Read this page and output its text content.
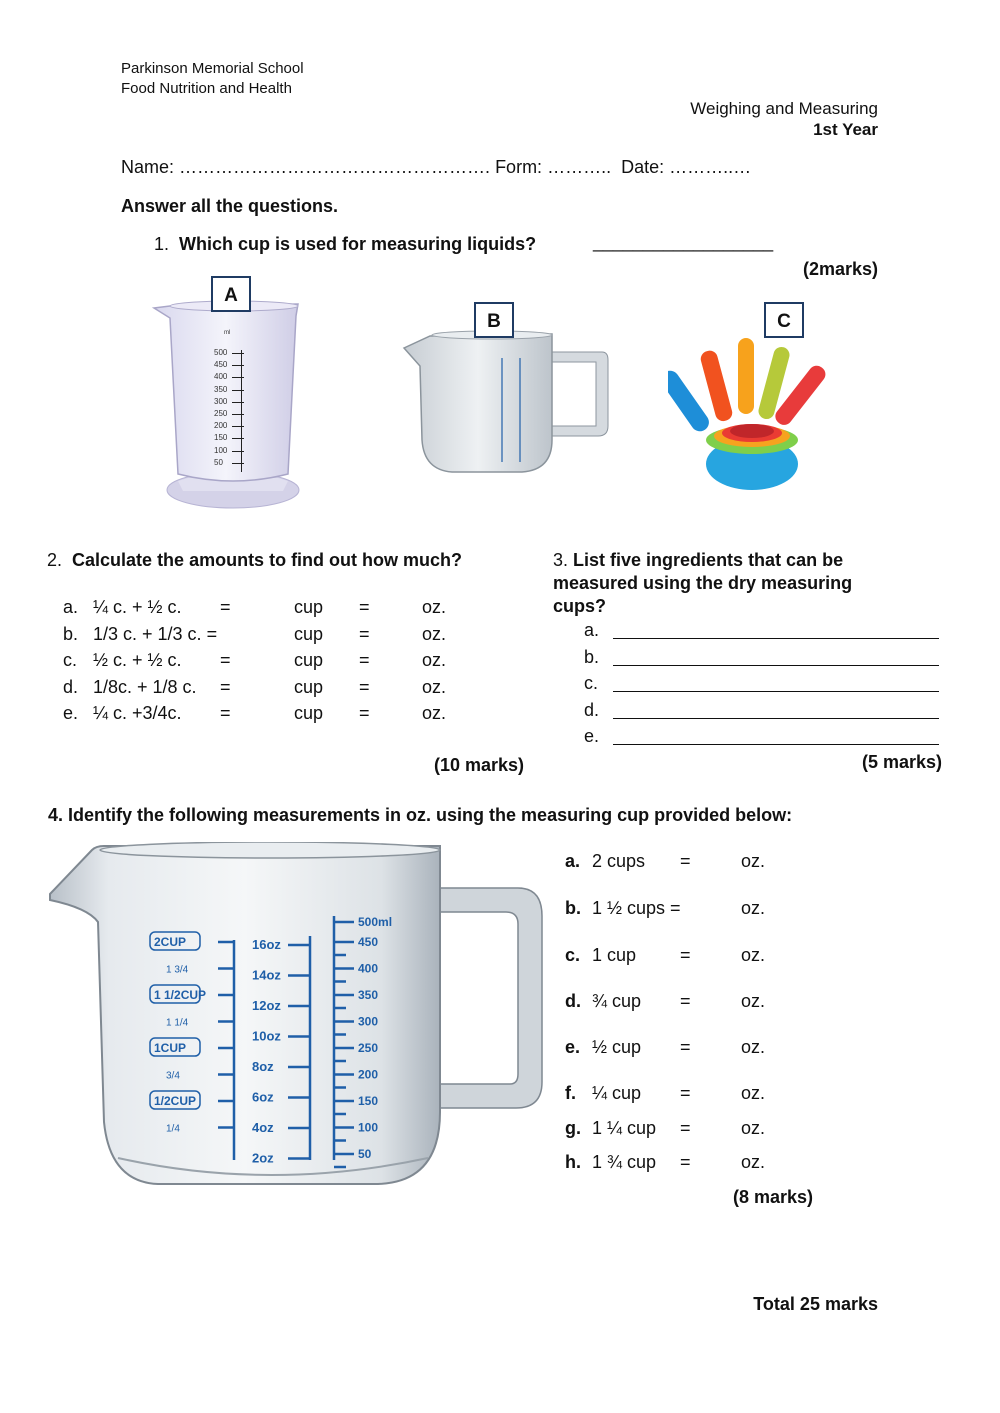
Parkinson Memorial School
Food Nutrition and Health
Weighing and Measuring
1st Year
Name: ……………………………………………. Form: ……….. Date: ………..…
Answer all the questions.
1. Which cup is used for measuring liquids?	__________________
(2marks)
ml
500
450
400
350
300
250
200
150
100
50
A
B	C
2. Calculate the amounts to find out how much?
a. ¼ c. + ½ c. =	cup =	oz.
b. 1/3 c. + 1/3 c. =	cup =	oz.
c. ½ c. + ½ c. =	cup =	oz.
d. 1/8c. + 1/8 c. =	cup =	oz.
e. ¼ c. +3/4c. =	cup =	oz.
(10 marks)
3. List five ingredients that can be
measured using the dry measuring
cups?
a.
b.
c.
d.
e.
(5 marks)
4. Identify the following measurements in oz. using the measuring cup provided below:
2CUP
1 3/4
1 1/2CUP
1 1/4
1CUP
3/4
1/2CUP
1/4
16oz
14oz
12oz
10oz
8oz
6oz
4oz
2oz
500ml
450
400
350
300
250
200
150
100
50
a. 2 cups =	oz.
b. 1 ½ cups =	oz.
c. 1 cup =	oz.
d. ¾ cup =	oz.
e. ½ cup =	oz.
f. ¼ cup =	oz.
g. 1 ¼ cup =	oz.
h. 1 ¾ cup =	oz.
(8 marks)
Total 25 marks
